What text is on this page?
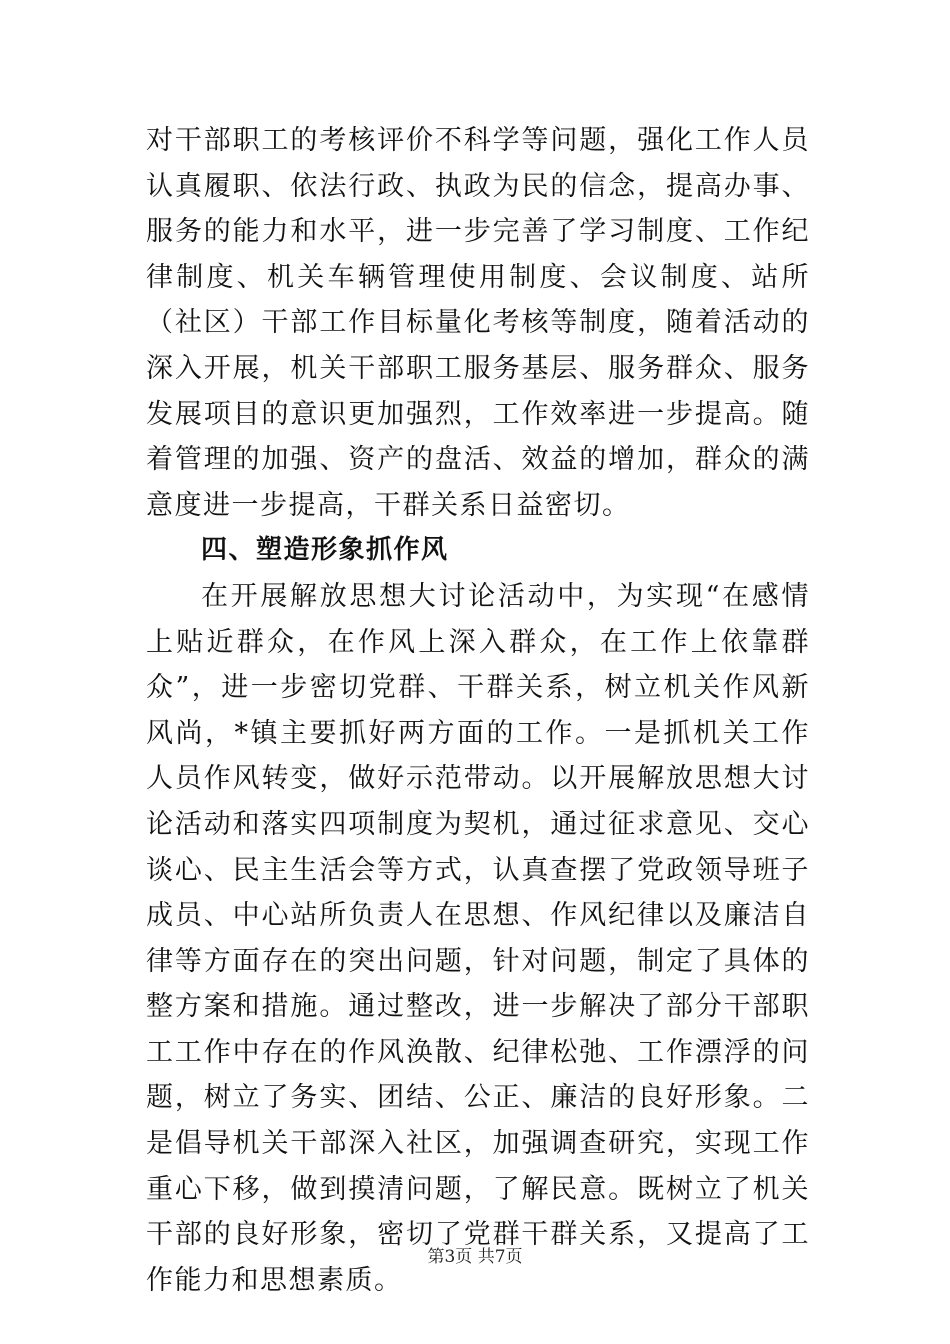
对干部职工的考核评价不科学等问题，强化工作人员认真履职、依法行政、执政为民的信念，提高办事、服务的能力和水平，进一步完善了学习制度、工作纪律制度、机关车辆管理使用制度、会议制度、站所（社区）干部工作目标量化考核等制度，随着活动的深入开展，机关干部职工服务基层、服务群众、服务发展项目的意识更加强烈，工作效率进一步提高。随着管理的加强、资产的盘活、效益的增加，群众的满意度进一步提高，干群关系日益密切。

四、塑造形象抓作风

在开展解放思想大讨论活动中，为实现“在感情上贴近群众，在作风上深入群众，在工作上依靠群众”，进一步密切党群、干群关系，树立机关作风新风尚，*镇主要抓好两方面的工作。一是抓机关工作人员作风转变，做好示范带动。以开展解放思想大讨论活动和落实四项制度为契机，通过征求意见、交心谈心、民主生活会等方式，认真查摆了党政领导班子成员、中心站所负责人在思想、作风纪律以及廉洁自律等方面存在的突出问题，针对问题，制定了具体的整方案和措施。通过整改，进一步解决了部分干部职工工作中存在的作风涣散、纪律松弛、工作漂浮的问题，树立了务实、团结、公正、廉洁的良好形象。二是倡导机关干部深入社区，加强调查研究，实现工作重心下移，做到摸清问题，了解民意。既树立了机关干部的良好形象，密切了党群干群关系，又提高了工作能力和思想素质。

第3页 共7页
